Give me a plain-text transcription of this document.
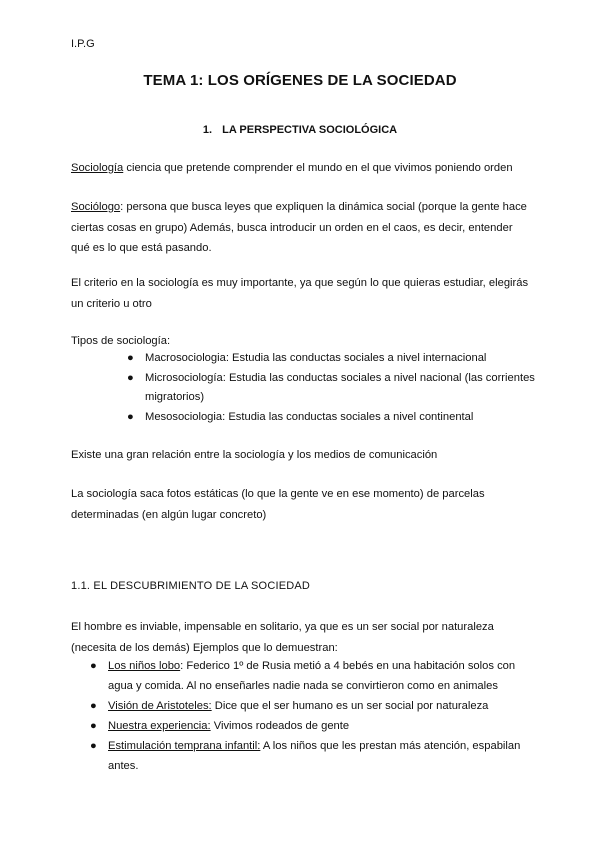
I.P.G
TEMA 1: LOS ORÍGENES DE LA SOCIEDAD
1. LA PERSPECTIVA SOCIOLÓGICA
Sociología ciencia que pretende comprender el mundo en el que vivimos poniendo orden
Sociólogo: persona que busca leyes que expliquen la dinámica social (porque la gente hace ciertas cosas en grupo) Además, busca introducir un orden en el caos, es decir, entender qué es lo que está pasando.
El criterio en la sociología es muy importante, ya que según lo que quieras estudiar, elegirás un criterio u otro
Tipos de sociología:
● Macrosociologia: Estudia las conductas sociales a nivel internacional
● Microsociología: Estudia las conductas sociales a nivel nacional (las corrientes migratorios)
● Mesosociologia: Estudia las conductas sociales a nivel continental
Existe una gran relación entre la sociología y los medios de comunicación
La sociología saca fotos estáticas (lo que la gente ve en ese momento) de parcelas determinadas (en algún lugar concreto)
1.1. EL DESCUBRIMIENTO DE LA SOCIEDAD
El hombre es inviable, impensable en solitario, ya que es un ser social por naturaleza (necesita de los demás) Ejemplos que lo demuestran:
● Los niños lobo: Federico 1º de Rusia metió a 4 bebés en una habitación solos con agua y comida. Al no enseñarles nadie nada se convirtieron como en animales
● Visión de Aristoteles: Dice que el ser humano es un ser social por naturaleza
● Nuestra experiencia: Vivimos rodeados de gente
● Estimulación temprana infantil: A los niños que les prestan más atención, espabilan antes.
